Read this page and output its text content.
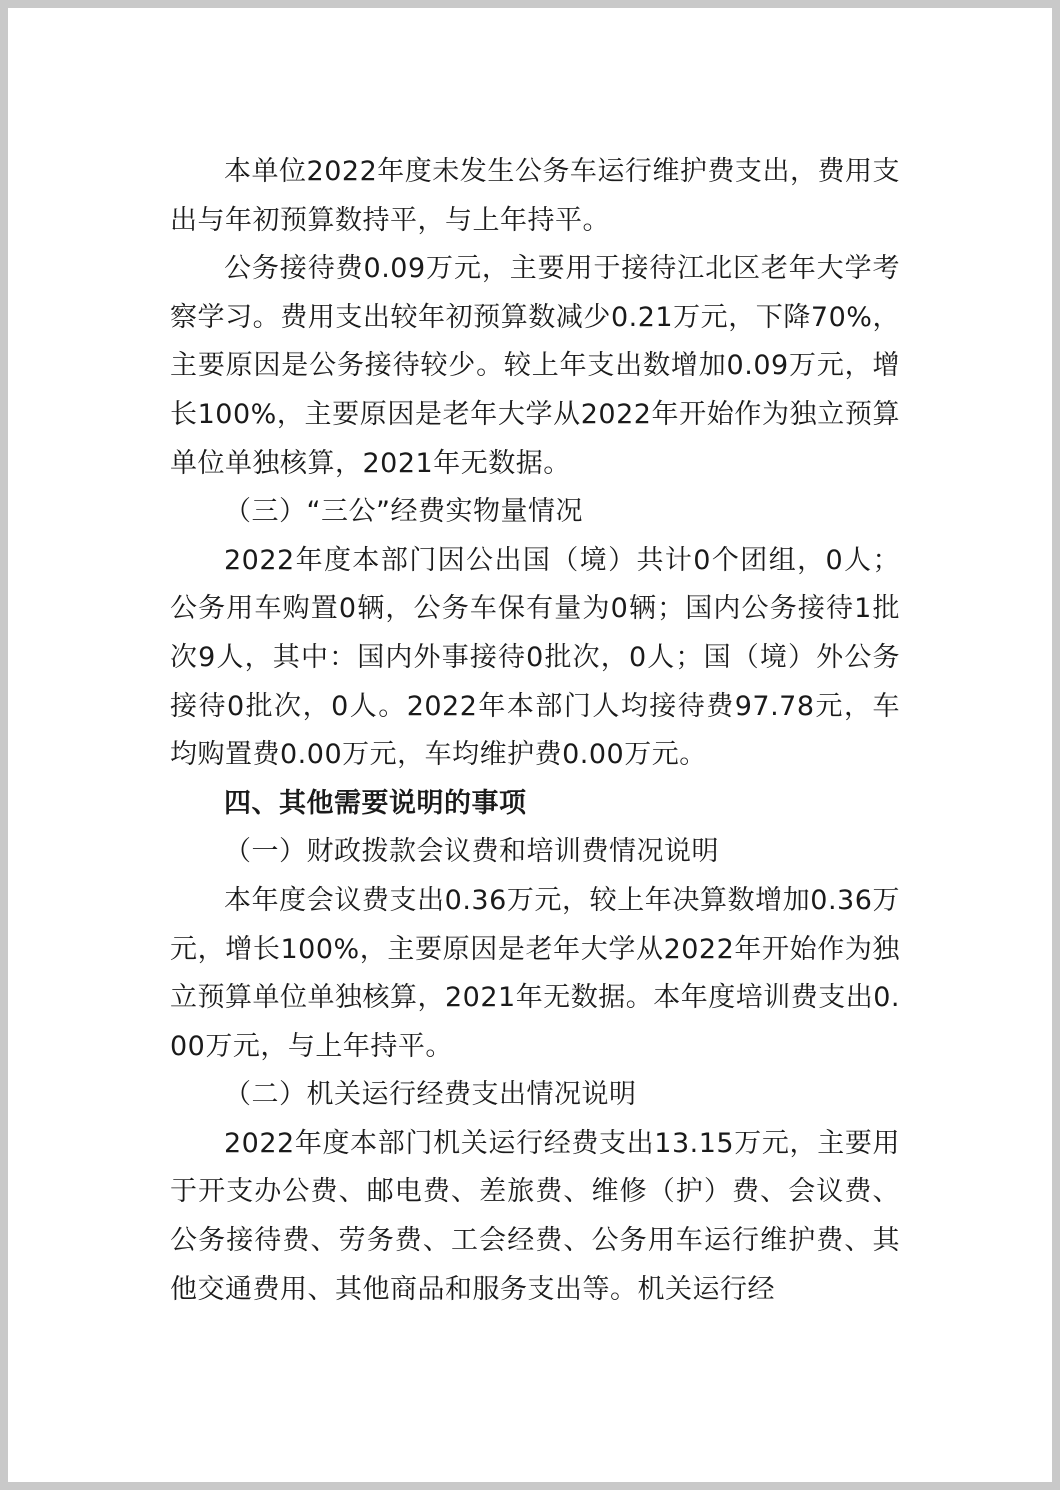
本单位2022年度未发生公务车运行维护费支出，费用支出与年初预算数持平，与上年持平。

公务接待费0.09万元，主要用于接待江北区老年大学考察学习。费用支出较年初预算数减少0.21万元，下降70%，主要原因是公务接待较少。较上年支出数增加0.09万元，增长100%，主要原因是老年大学从2022年开始作为独立预算单位单独核算，2021年无数据。

（三）“三公”经费实物量情况

2022年度本部门因公出国（境）共计0个团组，0人；公务用车购置0辆，公务车保有量为0辆；国内公务接待1批次9人，其中：国内外事接待0批次，0人；国（境）外公务接待0批次，0人。2022年本部门人均接待费97.78元，车均购置费0.00万元，车均维护费0.00万元。

四、其他需要说明的事项

（一）财政拨款会议费和培训费情况说明

本年度会议费支出0.36万元，较上年决算数增加0.36万元，增长100%，主要原因是老年大学从2022年开始作为独立预算单位单独核算，2021年无数据。本年度培训费支出0.00万元，与上年持平。

（二）机关运行经费支出情况说明

2022年度本部门机关运行经费支出13.15万元，主要用于开支办公费、邮电费、差旅费、维修（护）费、会议费、公务接待费、劳务费、工会经费、公务用车运行维护费、其他交通费用、其他商品和服务支出等。机关运行经
